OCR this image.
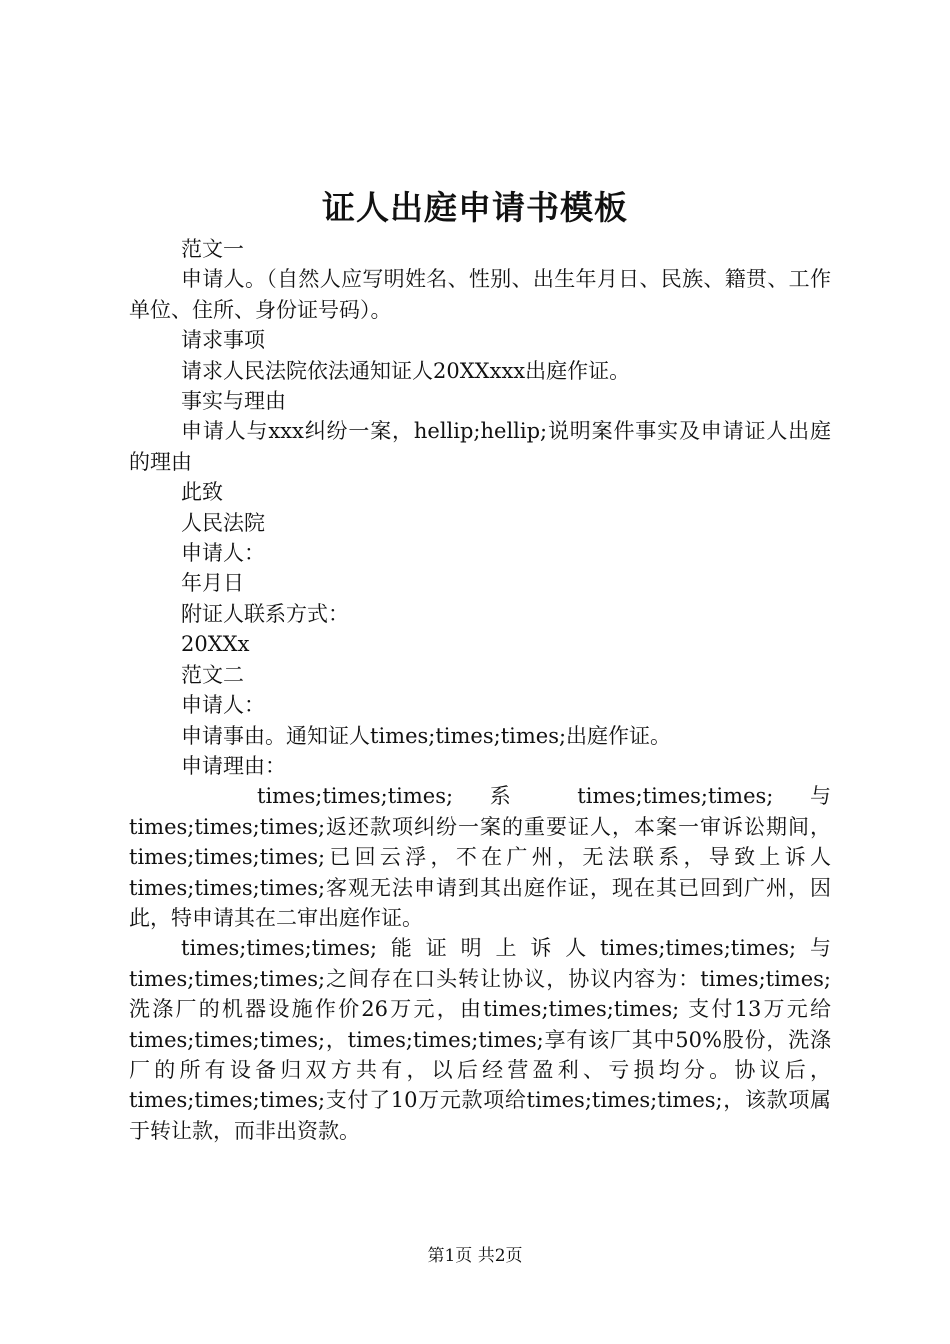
证人出庭申请书模板

范文一

申请人。（自然人应写明姓名、性别、出生年月日、民族、籍贯、工作单位、住所、身份证号码）。

请求事项

请求人民法院依法通知证人20XXxxx出庭作证。

事实与理由

申请人与xxx纠纷一案，hellip;hellip;说明案件事实及申请证人出庭的理由

此致

人民法院

申请人：

年月日

附证人联系方式：

20XXx

范文二

申请人：

申请事由。通知证人times;times;times;出庭作证。

申请理由：

times;times;times; 系 times;times;times; 与times;times;times;返还款项纠纷一案的重要证人，本案一审诉讼期间，times;times;times;已回云浮，不在广州，无法联系，导致上诉人times;times;times;客观无法申请到其出庭作证，现在其已回到广州，因此，特申请其在二审出庭作证。

times;times;times;能证明上诉人times;times;times;与times;times;times;之间存在口头转让协议，协议内容为：times;times;洗涤厂的机器设施作价26万元，由times;times;times; 支付13万元给times;times;times;，times;times;times;享有该厂其中50%股份，洗涤厂的所有设备归双方共有，以后经营盈利、亏损均分。协议后，times;times;times;支付了10万元款项给times;times;times;，该款项属于转让款，而非出资款。

第1页 共2页
